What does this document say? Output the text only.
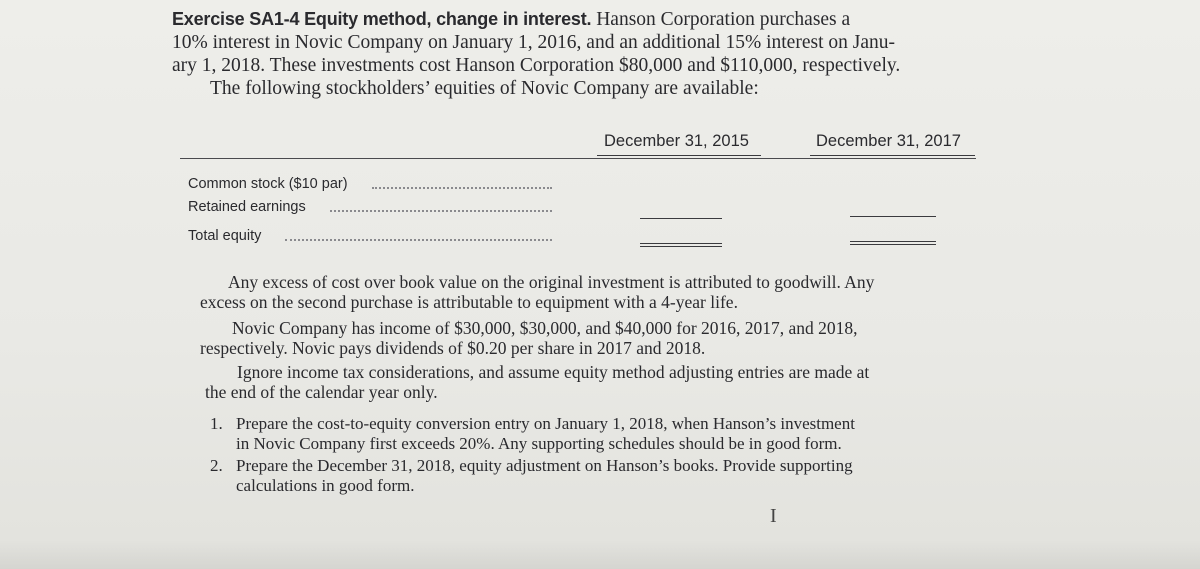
Exercise SA1-4 Equity method, change in interest. Hanson Corporation purchases a
10% interest in Novic Company on January 1, 2016, and an additional 15% interest on Janu-
ary 1, 2018. These investments cost Hanson Corporation $80,000 and $110,000, respectively.
The following stockholders’ equities of Novic Company are available:
December 31, 2015	December 31, 2017
Common stock ($10 par)
Retained earnings
Total equity
Any excess of cost over book value on the original investment is attributed to goodwill. Any
excess on the second purchase is attributable to equipment with a 4-year life.
Novic Company has income of $30,000, $30,000, and $40,000 for 2016, 2017, and 2018,
respectively. Novic pays dividends of $0.20 per share in 2017 and 2018.
Ignore income tax considerations, and assume equity method adjusting entries are made at
the end of the calendar year only.
1. Prepare the cost-to-equity conversion entry on January 1, 2018, when Hanson’s investment
in Novic Company first exceeds 20%. Any supporting schedules should be in good form.
2. Prepare the December 31, 2018, equity adjustment on Hanson’s books. Provide supporting
calculations in good form.
I
